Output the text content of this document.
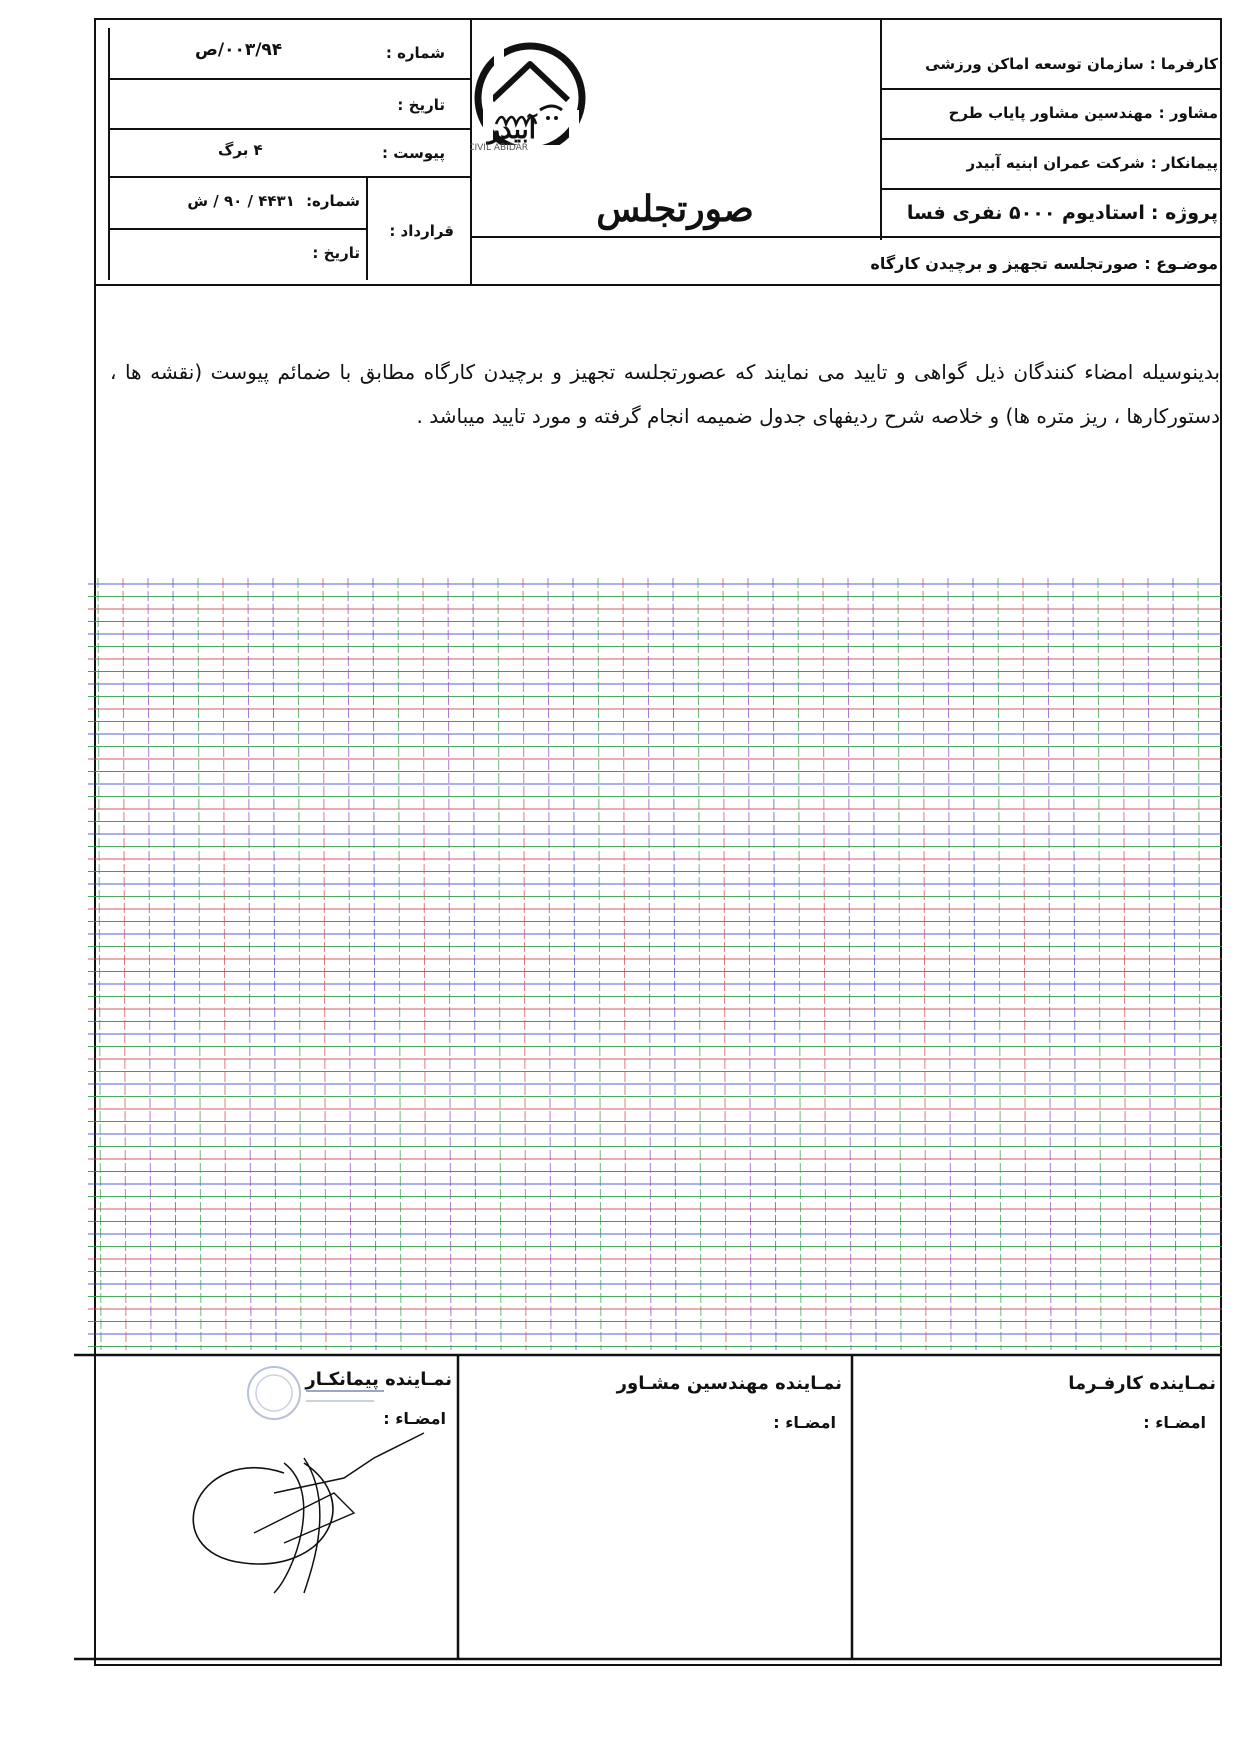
شماره :
۰۰۳/۹۴/ص
تاریخ :
پیوست :
۴ برگ
قرارداد :
شماره: ۴۴۳۱ / ۹۰ / ش
تاریخ :
کارفرما :سازمان توسعه اماکن ورزشی
مشاور :مهندسین مشاور پایاب طرح
پیمانکار :شرکت عمران ابنیه آبیدر
پروژه :استادیوم ۵۰۰۰ نفری فسا
موضـوع :صورتجلسه تجهیز و برچیدن کارگاه
صورتجلس
آبیدر
CIVIL ABIDAR
بدینوسیله امضاء کنندگان ذیل گواهی و تایید می نمایند که عصورتجلسه تجهیز و برچیدن کارگاه مطابق با ضمائم پیوست (نقشه ها ، دستورکارها ، ریز متره ها) و خلاصه شرح ردیفهای جدول ضمیمه انجام گرفته و مورد تایید میباشد .
نمـاینده کارفـرما
امضـاء :
نمـاینده مهندسین مشـاور
امضـاء :
نمـاینده پیمانکـار
امضـاء :
